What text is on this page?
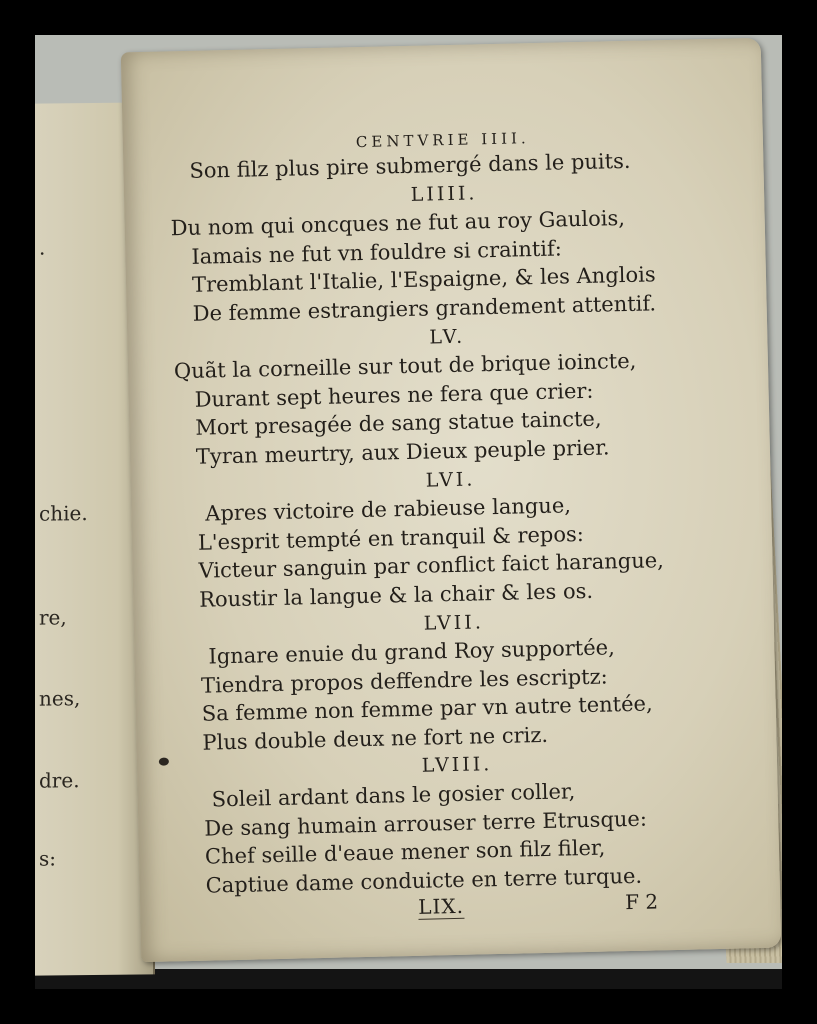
.
chie.
re,
nes,
dre.
s:
CENTVRIE IIII.
Son filz plus pire submergé dans le puits.
LIIII.
Du nom qui oncques ne fut au roy Gaulois,
Iamais ne fut vn fouldre si craintif:
Tremblant l'Italie, l'Espaigne, & les Anglois
De femme estrangiers grandement attentif.
LV.
Quãt la corneille sur tout de brique ioincte,
Durant sept heures ne fera que crier:
Mort presagée de sang statue taincte,
Tyran meurtry, aux Dieux peuple prier.
LVI.
Apres victoire de rabieuse langue,
L'esprit tempté en tranquil & repos:
Victeur sanguin par conflict faict harangue,
Roustir la langue & la chair & les os.
LVII.
Ignare enuie du grand Roy supportée,
Tiendra propos deffendre les escriptz:
Sa femme non femme par vn autre tentée,
Plus double deux ne fort ne criz.
LVIII.
Soleil ardant dans le gosier coller,
De sang humain arrouser terre Etrusque:
Chef seille d'eaue mener son filz filer,
Captiue dame conduicte en terre turque.
LIX.	F 2
